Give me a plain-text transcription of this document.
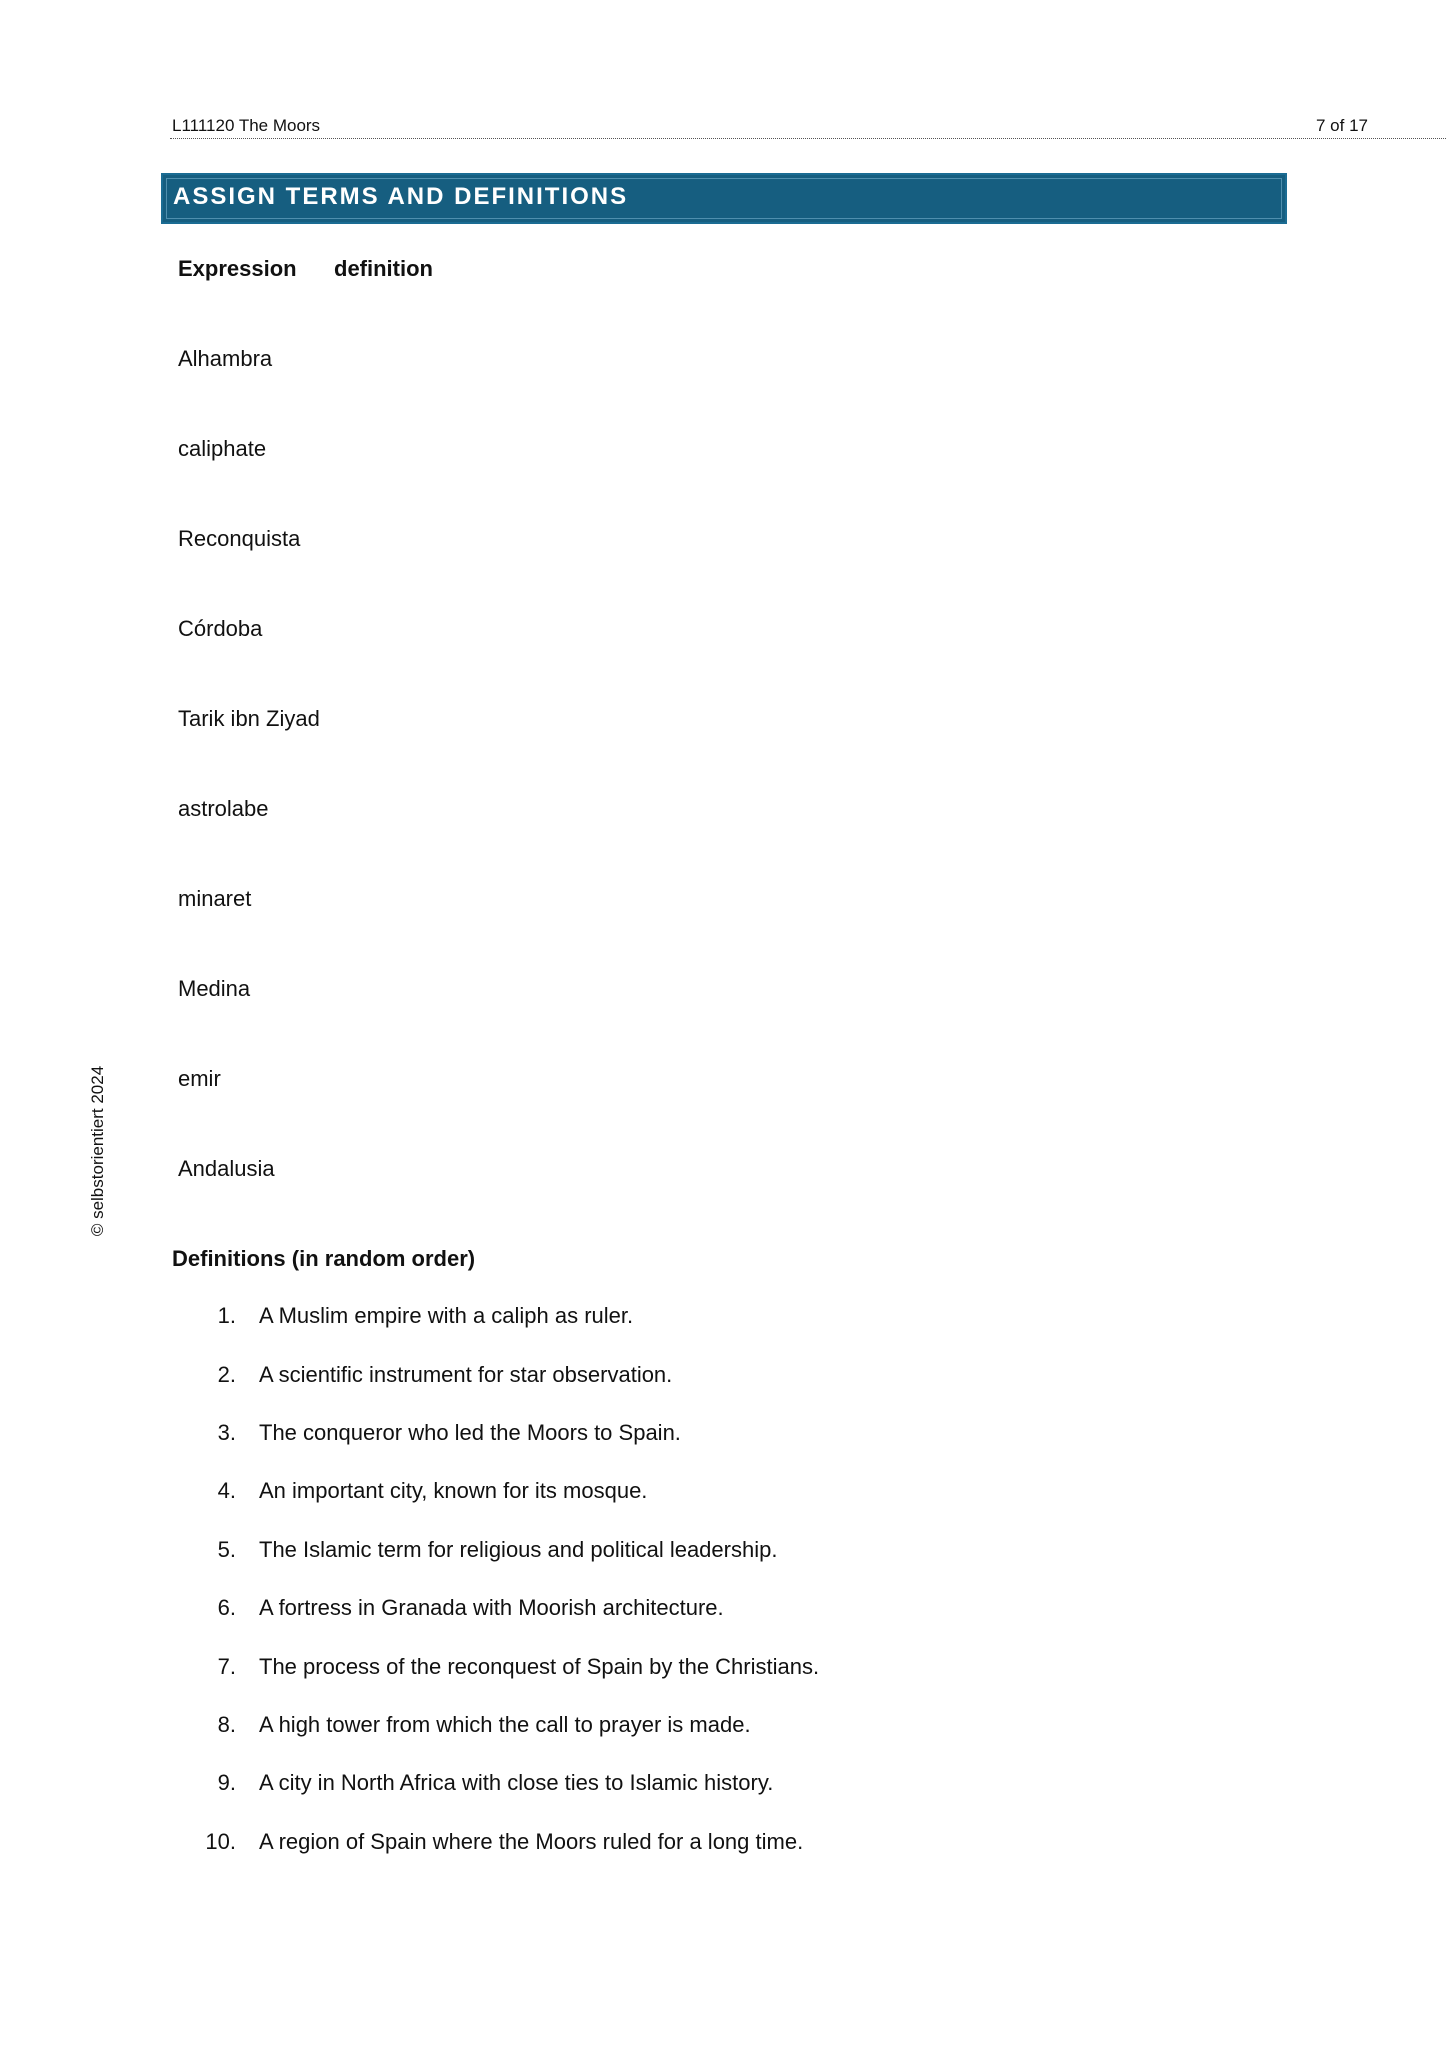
L111120 The Moors	7 of 17
ASSIGN TERMS AND DEFINITIONS
Expression definition
Alhambra
caliphate
Reconquista
Córdoba
Tarik ibn Ziyad
astrolabe
minaret
Medina
emir
Andalusia
© selbstorientiert 2024
Definitions (in random order)
1. A Muslim empire with a caliph as ruler.
2. A scientific instrument for star observation.
3. The conqueror who led the Moors to Spain.
4. An important city, known for its mosque.
5. The Islamic term for religious and political leadership.
6. A fortress in Granada with Moorish architecture.
7. The process of the reconquest of Spain by the Christians.
8. A high tower from which the call to prayer is made.
9. A city in North Africa with close ties to Islamic history.
10. A region of Spain where the Moors ruled for a long time.
